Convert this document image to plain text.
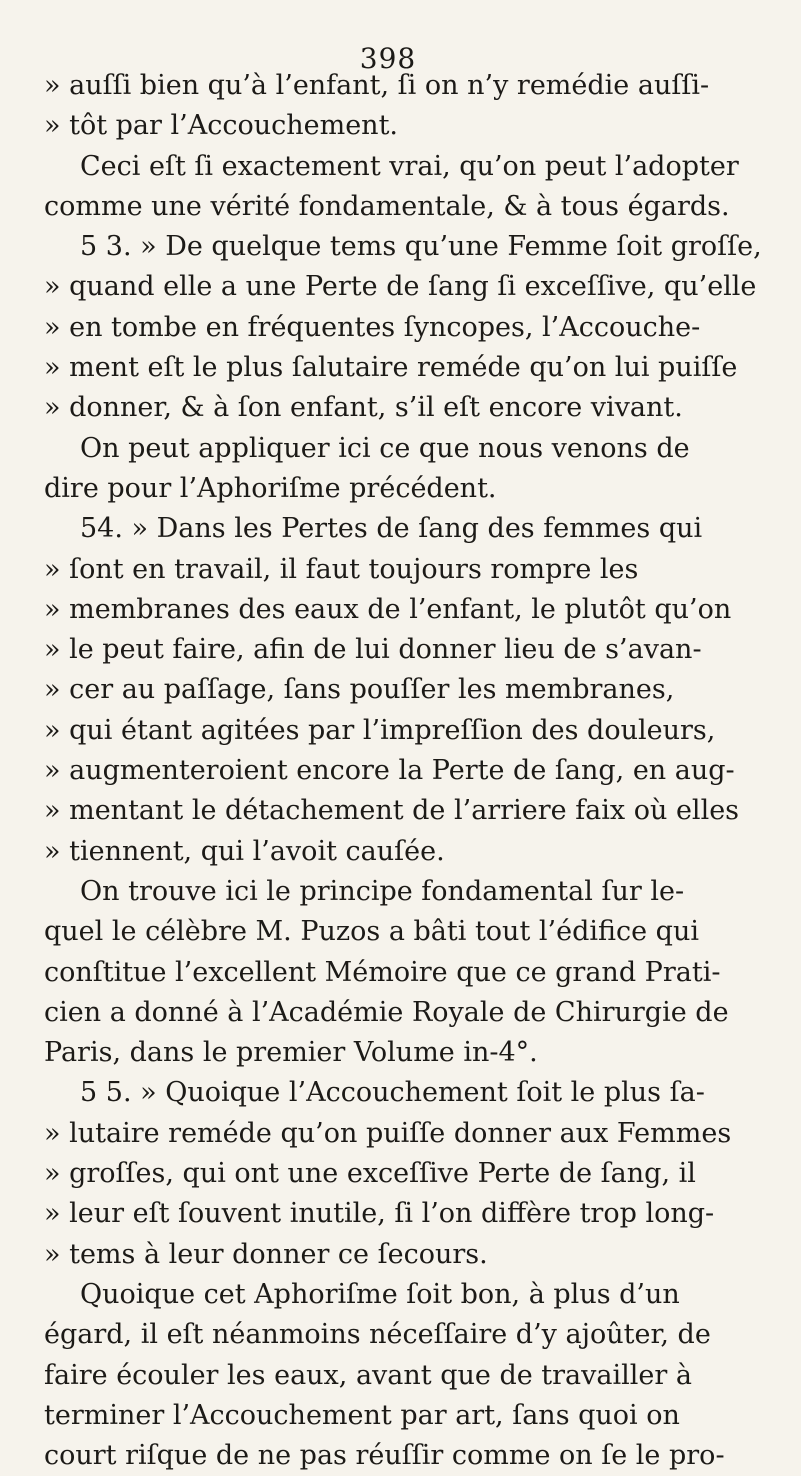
398
» auſſi bien qu’à l’enfant, ſi on n’y remédie auſſi-
» tôt par l’Accouchement.
Ceci eſt ſi exactement vrai, qu’on peut l’adopter
comme une vérité fondamentale, & à tous égards.
5 3. » De quelque tems qu’une Femme ſoit groſſe,
» quand elle a une Perte de ſang ſi exceſſive, qu’elle
» en tombe en fréquentes ſyncopes, l’Accouche-
» ment eſt le plus ſalutaire reméde qu’on lui puiſſe
» donner, & à ſon enfant, s’il eſt encore vivant.
On peut appliquer ici ce que nous venons de
dire pour l’Aphoriſme précédent.
54. » Dans les Pertes de ſang des femmes qui
» ſont en travail, il faut toujours rompre les
» membranes des eaux de l’enfant, le plutôt qu’on
» le peut faire, afin de lui donner lieu de s’avan-
» cer au paſſage, ſans pouſſer les membranes,
» qui étant agitées par l’impreſſion des douleurs,
» augmenteroient encore la Perte de ſang, en aug-
» mentant le détachement de l’arriere faix où elles
» tiennent, qui l’avoit cauſée.
On trouve ici le principe fondamental ſur le-
quel le célèbre M. Puzos a bâti tout l’édifice qui
conſtitue l’excellent Mémoire que ce grand Prati-
cien a donné à l’Académie Royale de Chirurgie de
Paris, dans le premier Volume in-4°.
5 5. » Quoique l’Accouchement ſoit le plus ſa-
» lutaire reméde qu’on puiſſe donner aux Femmes
» groſſes, qui ont une exceſſive Perte de ſang, il
» leur eſt ſouvent inutile, ſi l’on diffère trop long-
» tems à leur donner ce ſecours.
Quoique cet Aphoriſme ſoit bon, à plus d’un
égard, il eſt néanmoins néceſſaire d’y ajoûter, de
faire écouler les eaux, avant que de travailler à
terminer l’Accouchement par art, ſans quoi on
court riſque de ne pas réuſſir comme on ſe le pro-
